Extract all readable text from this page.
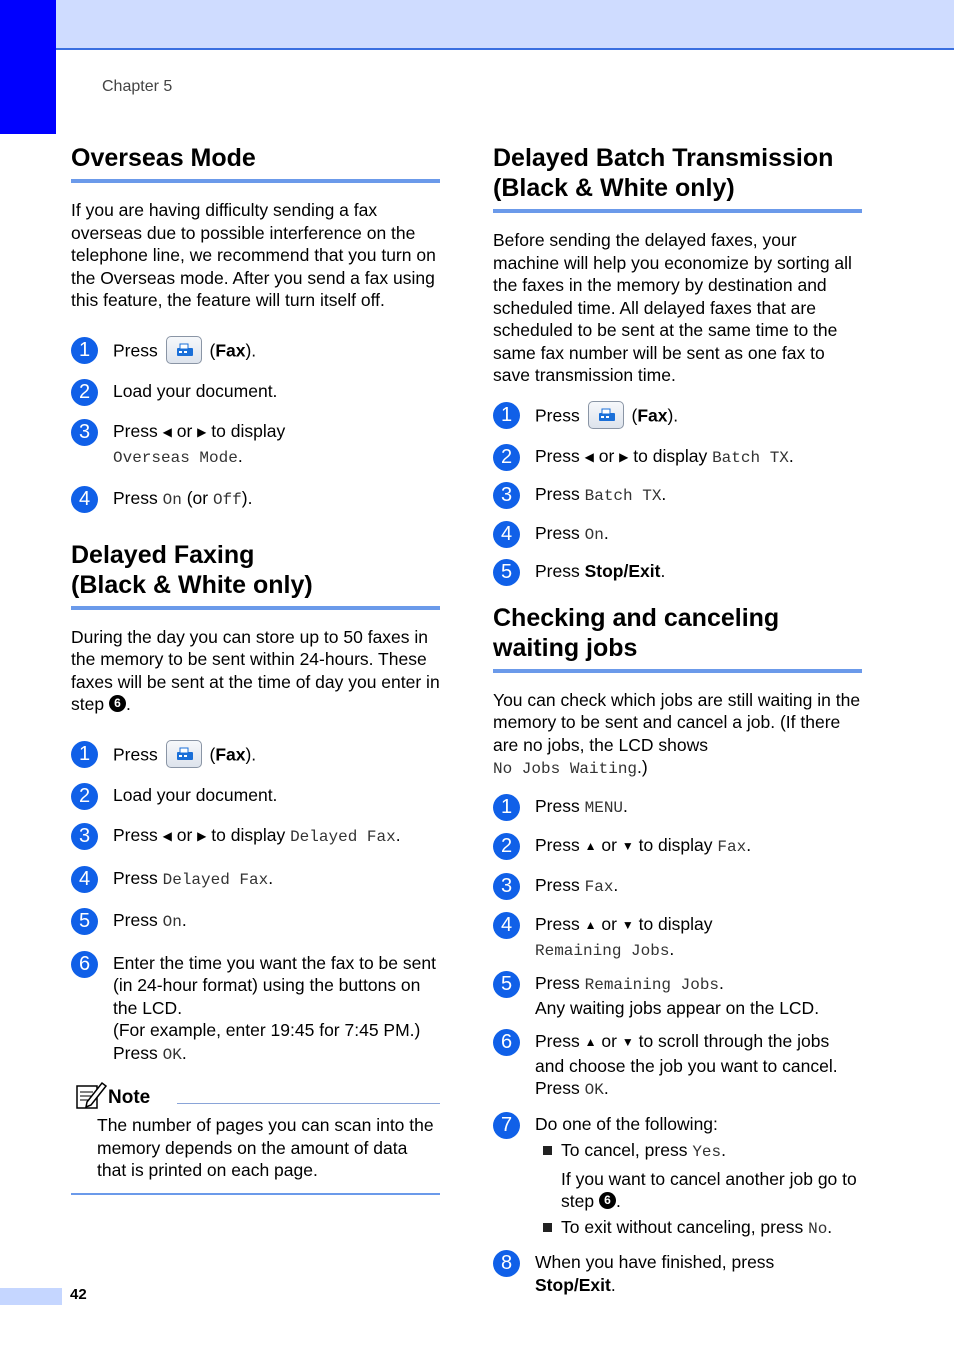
Chapter 5
Overseas Mode

If you are having difficulty sending a fax overseas due to possible interference on the telephone line, we recommend that you turn on the Overseas mode. After you send a fax using this feature, the feature will turn itself off.

1	Press	(Fax).
2	Load your document.
3	Press ◀ or ▶ to display
Overseas Mode.
4	Press On (or Off).
Delayed Faxing
(Black & White only)

During the day you can store up to 50 faxes in the memory to be sent within 24-hours. These faxes will be sent at the time of day you enter in step 6 .

1	Press	(Fax).
2	Load your document.
3	Press ◀ or ▶ to display Delayed Fax.
4	Press Delayed Fax.
5	Press On.
6	Enter the time you want the fax to be sent (in 24-hour format) using the buttons on the LCD.
(For example, enter 19:45 for 7:45 PM.)
Press OK.
Note
The number of pages you can scan into the memory depends on the amount of data that is printed on each page.
Delayed Batch Transmission
(Black & White only)

Before sending the delayed faxes, your machine will help you economize by sorting all the faxes in the memory by destination and scheduled time. All delayed faxes that are scheduled to be sent at the same time to the same fax number will be sent as one fax to save transmission time.

1	Press	(Fax).
2	Press ◀ or ▶ to display Batch TX.
3	Press Batch TX.
4	Press On.
5	Press Stop/Exit.
Checking and canceling
waiting jobs

You can check which jobs are still waiting in the memory to be sent and cancel a job. (If there are no jobs, the LCD shows
No Jobs Waiting.)

1	Press MENU.
2	Press ▲ or ▼ to display Fax.
3	Press Fax.
4	Press ▲ or ▼ to display
Remaining Jobs.
5	Press Remaining Jobs.
Any waiting jobs appear on the LCD.
6	Press ▲ or ▼ to scroll through the jobs and choose the job you want to cancel.
Press OK.
7	Do one of the following:
To cancel, press Yes.
If you want to cancel another job go to step 6 .
To exit without canceling, press No.
8	When you have finished, press
Stop/Exit.
42
